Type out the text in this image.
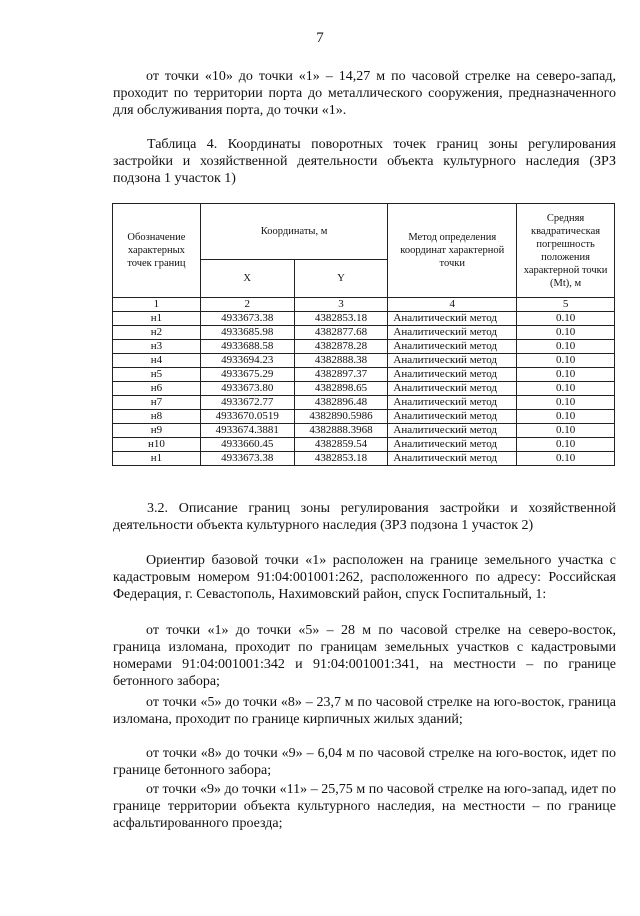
7
от точки «10» до точки «1» – 14,27 м по часовой стрелке на северо-запад, проходит по территории порта до металлического сооружения, предназначенного для обслуживания порта, до точки «1».
Таблица 4. Координаты поворотных точек границ зоны регулирования застройки и хозяйственной деятельности объекта культурного наследия (ЗРЗ подзона 1 участок 1)
Обозначение характерных точек границ	Координаты, м		Метод определения координат характерной точки	Средняя квадратическая погрешность положения характерной точки (Mt), м
	X	Y		
1	2	3	4	5
н1	4933673.38	4382853.18	Аналитический метод	0.10
н2	4933685.98	4382877.68	Аналитический метод	0.10
н3	4933688.58	4382878.28	Аналитический метод	0.10
н4	4933694.23	4382888.38	Аналитический метод	0.10
н5	4933675.29	4382897.37	Аналитический метод	0.10
н6	4933673.80	4382898.65	Аналитический метод	0.10
н7	4933672.77	4382896.48	Аналитический метод	0.10
н8	4933670.0519	4382890.5986	Аналитический метод	0.10
н9	4933674.3881	4382888.3968	Аналитический метод	0.10
н10	4933660.45	4382859.54	Аналитический метод	0.10
н1	4933673.38	4382853.18	Аналитический метод	0.10
3.2. Описание границ зоны регулирования застройки и хозяйственной деятельности объекта культурного наследия (ЗРЗ подзона 1 участок 2)
Ориентир базовой точки «1» расположен на границе земельного участка с кадастровым номером 91:04:001001:262, расположенного по адресу: Российская Федерация, г. Севастополь, Нахимовский район, спуск Госпитальный, 1:
от точки «1» до точки «5» – 28 м по часовой стрелке на северо-восток, граница изломана, проходит по границам земельных участков с кадастровыми номерами 91:04:001001:342 и 91:04:001001:341, на местности – по границе бетонного забора;
от точки «5» до точки «8» – 23,7 м по часовой стрелке на юго-восток, граница изломана, проходит по границе кирпичных жилых зданий;
от точки «8» до точки «9» – 6,04 м по часовой стрелке на юго-восток, идет по границе бетонного забора;
от точки «9» до точки «11» – 25,75 м по часовой стрелке на юго-запад, идет по границе территории объекта культурного наследия, на местности – по границе асфальтированного проезда;
